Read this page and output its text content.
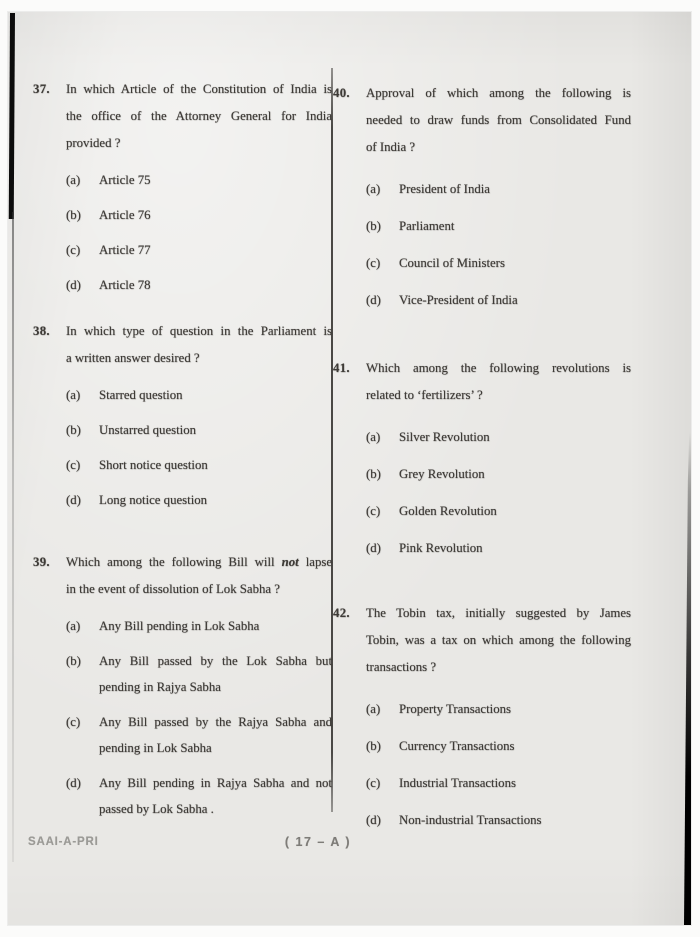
37.	In which Article of the Constitution of India is
the office of the Attorney General for India
provided ?
(a)	Article 75
(b)	Article 76
(c)	Article 77
(d)	Article 78
38.	In which type of question in the Parliament is
a written answer desired ?
(a)	Starred question
(b)	Unstarred question
(c)	Short notice question
(d)	Long notice question
39.	Which among the following Bill will not lapse
in the event of dissolution of Lok Sabha ?
(a)	Any Bill pending in Lok Sabha
(b)	Any Bill passed by the Lok Sabha but
pending in Rajya Sabha
(c)	Any Bill passed by the Rajya Sabha and
pending in Lok Sabha
(d)	Any Bill pending in Rajya Sabha and not
passed by Lok Sabha .
40.	Approval of which among the following is
needed to draw funds from Consolidated Fund
of India ?
(a)	President of India
(b)	Parliament
(c)	Council of Ministers
(d)	Vice-President of India
41.	Which among the following revolutions is
related to ‘fertilizers’ ?
(a)	Silver Revolution
(b)	Grey Revolution
(c)	Golden Revolution
(d)	Pink Revolution
42.	The Tobin tax, initially suggested by James
Tobin, was a tax on which among the following
transactions ?
(a)	Property Transactions
(b)	Currency Transactions
(c)	Industrial Transactions
(d)	Non-industrial Transactions
SAAI-A-PRI	( 17 – A )
